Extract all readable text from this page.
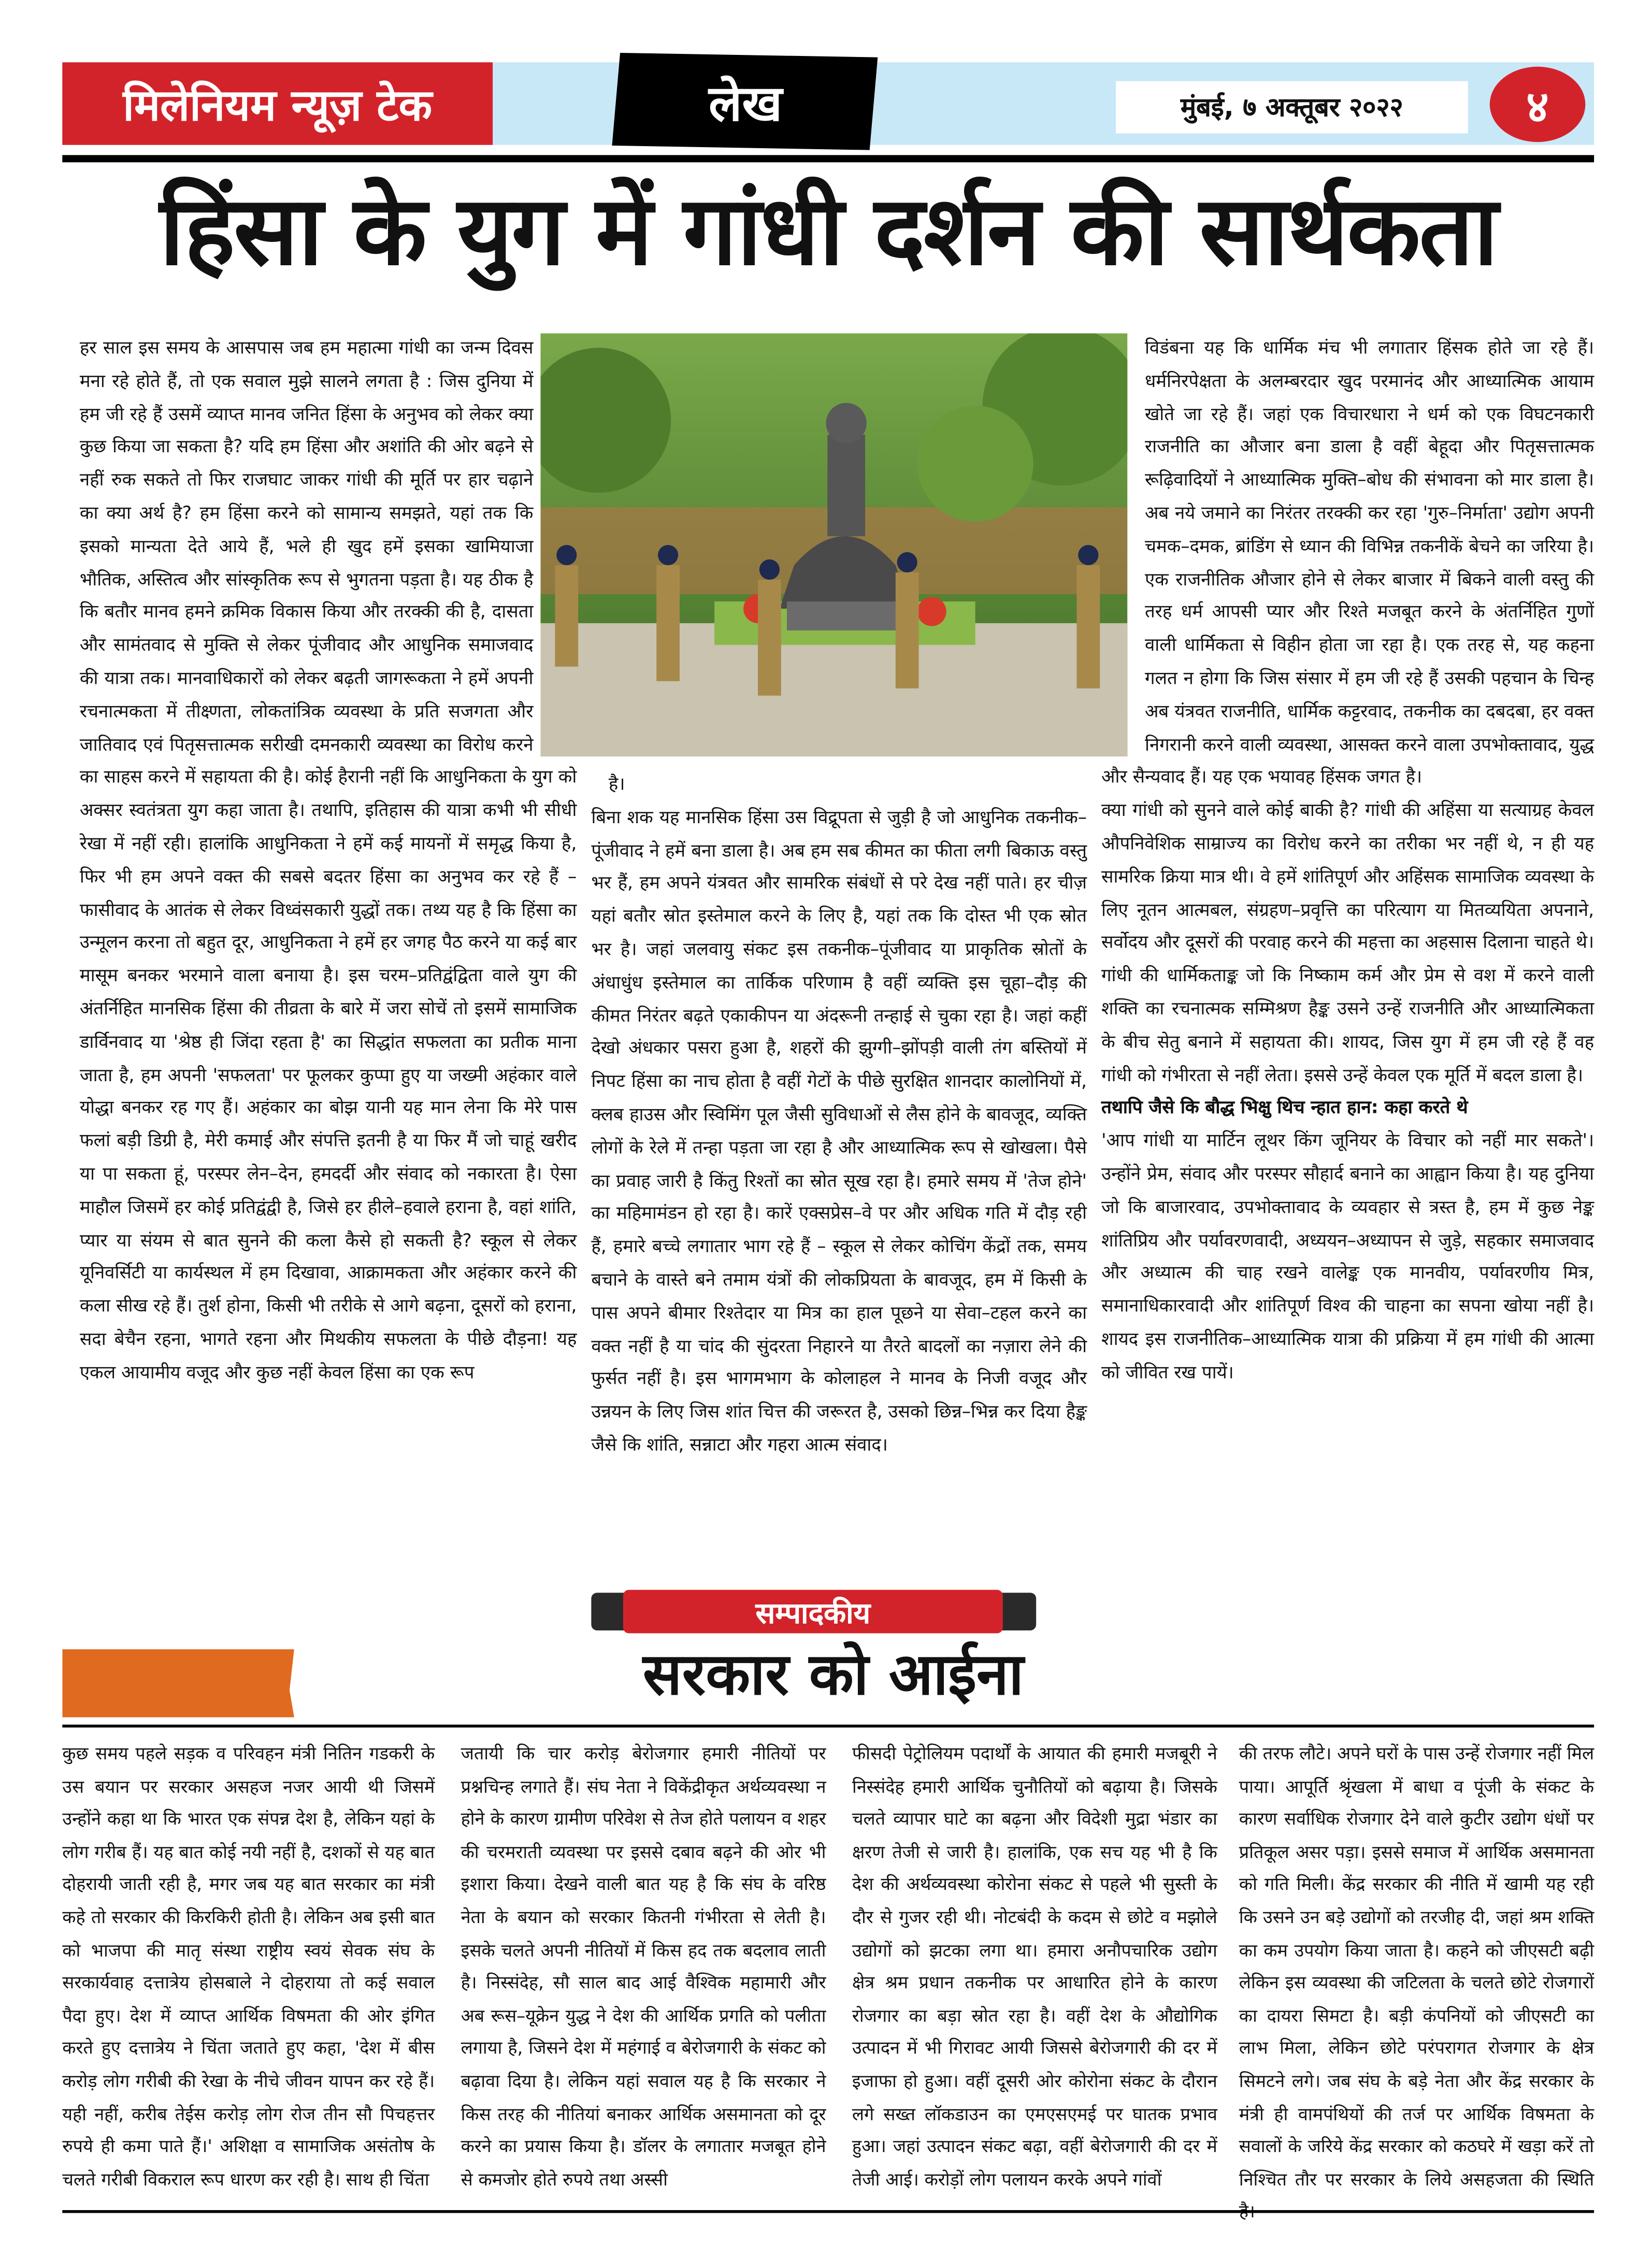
मिलेनियम न्यूज़ टेक	लेख	मुंबई, ७ अक्तूबर २०२२	४
हिंसा के युग में गांधी दर्शन की सार्थकता

हर साल इस समय के आसपास जब हम महात्मा गांधी का जन्म दिवस मना रहे होते हैं, तो एक सवाल मुझे सालने लगता है : जिस दुनिया में हम जी रहे हैं उसमें व्याप्त मानव जनित हिंसा के अनुभव को लेकर क्या कुछ किया जा सकता है? यदि हम हिंसा और अशांति की ओर बढ़ने से नहीं रुक सकते तो फिर राजघाट जाकर गांधी की मूर्ति पर हार चढ़ाने का क्या अर्थ है? हम हिंसा करने को सामान्य समझते, यहां तक कि इसको मान्यता देते आये हैं, भले ही खुद हमें इसका खामियाजा भौतिक, अस्तित्व और सांस्कृतिक रूप से भुगतना पड़ता है। यह ठीक है कि बतौर मानव हमने क्रमिक विकास किया और तरक्की की है, दासता और सामंतवाद से मुक्ति से लेकर पूंजीवाद और आधुनिक समाजवाद की यात्रा तक। मानवाधिकारों को लेकर बढ़ती जागरूकता ने हमें अपनी रचनात्मकता में तीक्ष्णता, लोकतांत्रिक व्यवस्था के प्रति सजगता और जातिवाद एवं पितृसत्तात्मक सरीखी दमनकारी व्यवस्था का विरोध करने का साहस करने में सहायता की है। कोई हैरानी नहीं कि आधुनिकता के युग को अक्सर स्वतंत्रता युग कहा जाता है। तथापि, इतिहास की यात्रा कभी भी सीधी रेखा में नहीं रही। हालांकि आधुनिकता ने हमें कई मायनों में समृद्ध किया है, फिर भी हम अपने वक्त की सबसे बदतर हिंसा का अनुभव कर रहे हैं – फासीवाद के आतंक से लेकर विध्वंसकारी युद्धों तक। तथ्य यह है कि हिंसा का उन्मूलन करना तो बहुत दूर, आधुनिकता ने हमें हर जगह पैठ करने या कई बार मासूम बनकर भरमाने वाला बनाया है। इस चरम–प्रतिद्वंद्विता वाले युग की अंतर्निहित मानसिक हिंसा की तीव्रता के बारे में जरा सोचें तो इसमें सामाजिक डार्विनवाद या 'श्रेष्ठ ही जिंदा रहता है' का सिद्धांत सफलता का प्रतीक माना जाता है, हम अपनी 'सफलता' पर फूलकर कुप्पा हुए या जख्मी अहंकार वाले योद्धा बनकर रह गए हैं। अहंकार का बोझ यानी यह मान लेना कि मेरे पास फलां बड़ी डिग्री है, मेरी कमाई और संपत्ति इतनी है या फिर मैं जो चाहूं खरीद या पा सकता हूं, परस्पर लेन–देन, हमदर्दी और संवाद को नकारता है। ऐसा माहौल जिसमें हर कोई प्रतिद्वंद्वी है, जिसे हर हीले–हवाले हराना है, वहां शांति, प्यार या संयम से बात सुनने की कला कैसे हो सकती है? स्कूल से लेकर यूनिवर्सिटी या कार्यस्थल में हम दिखावा, आक्रामकता और अहंकार करने की कला सीख रहे हैं। तुर्श होना, किसी भी तरीके से आगे बढ़ना, दूसरों को हराना, सदा बेचैन रहना, भागते रहना और मिथकीय सफलता के पीछे दौड़ना! यह एकल आयामीय वजूद और कुछ नहीं केवल हिंसा का एक रूप

है।

बिना शक यह मानसिक हिंसा उस विद्रूपता से जुड़ी है जो आधुनिक तकनीक–पूंजीवाद ने हमें बना डाला है। अब हम सब कीमत का फीता लगी बिकाऊ वस्तु भर हैं, हम अपने यंत्रवत और सामरिक संबंधों से परे देख नहीं पाते। हर चीज़ यहां बतौर स्रोत इस्तेमाल करने के लिए है, यहां तक कि दोस्त भी एक स्रोत भर है। जहां जलवायु संकट इस तकनीक–पूंजीवाद या प्राकृतिक स्रोतों के अंधाधुंध इस्तेमाल का तार्किक परिणाम है वहीं व्यक्ति इस चूहा–दौड़ की कीमत निरंतर बढ़ते एकाकीपन या अंदरूनी तन्हाई से चुका रहा है। जहां कहीं देखो अंधकार पसरा हुआ है, शहरों की झुग्गी–झोंपड़ी वाली तंग बस्तियों में निपट हिंसा का नाच होता है वहीं गेटों के पीछे सुरक्षित शानदार कालोनियों में, क्लब हाउस और स्विमिंग पूल जैसी सुविधाओं से लैस होने के बावजूद, व्यक्ति लोगों के रेले में तन्हा पड़ता जा रहा है और आध्यात्मिक रूप से खोखला। पैसे का प्रवाह जारी है किंतु रिश्तों का स्रोत सूख रहा है। हमारे समय में 'तेज होने' का महिमामंडन हो रहा है। कारें एक्सप्रेस–वे पर और अधिक गति में दौड़ रही हैं, हमारे बच्चे लगातार भाग रहे हैं – स्कूल से लेकर कोचिंग केंद्रों तक, समय बचाने के वास्ते बने तमाम यंत्रों की लोकप्रियता के बावजूद, हम में किसी के पास अपने बीमार रिश्तेदार या मित्र का हाल पूछने या सेवा–टहल करने का वक्त नहीं है या चांद की सुंदरता निहारने या तैरते बादलों का नज़ारा लेने की फुर्सत नहीं है। इस भागमभाग के कोलाहल ने मानव के निजी वजूद और उन्नयन के लिए जिस शांत चित्त की जरूरत है, उसको छिन्न–भिन्न कर दिया हैङ्क जैसे कि शांति, सन्नाटा और गहरा आत्म संवाद।

विडंबना यह कि धार्मिक मंच भी लगातार हिंसक होते जा रहे हैं। धर्मनिरपेक्षता के अलम्बरदार खुद परमानंद और आध्यात्मिक आयाम खोते जा रहे हैं। जहां एक विचारधारा ने धर्म को एक विघटनकारी राजनीति का औजार बना डाला है वहीं बेहूदा और पितृसत्तात्मक रूढ़िवादियों ने आध्यात्मिक मुक्ति–बोध की संभावना को मार डाला है। अब नये जमाने का निरंतर तरक्की कर रहा 'गुरु–निर्माता' उद्योग अपनी चमक–दमक, ब्रांडिंग से ध्यान की विभिन्न तकनीकें बेचने का जरिया है। एक राजनीतिक औजार होने से लेकर बाजार में बिकने वाली वस्तु की तरह धर्म आपसी प्यार और रिश्ते मजबूत करने के अंतर्निहित गुणों वाली धार्मिकता से विहीन होता जा रहा है। एक तरह से, यह कहना गलत न होगा कि जिस संसार में हम जी रहे हैं उसकी पहचान के चिन्ह अब यंत्रवत राजनीति, धार्मिक कट्टरवाद, तकनीक का दबदबा, हर वक्त निगरानी करने वाली व्यवस्था, आसक्त करने वाला उपभोक्तावाद, युद्ध और सैन्यवाद हैं। यह एक भयावह हिंसक जगत है।

क्या गांधी को सुनने वाले कोई बाकी है? गांधी की अहिंसा या सत्याग्रह केवल औपनिवेशिक साम्राज्य का विरोध करने का तरीका भर नहीं थे, न ही यह सामरिक क्रिया मात्र थी। वे हमें शांतिपूर्ण और अहिंसक सामाजिक व्यवस्था के लिए नूतन आत्मबल, संग्रहण–प्रवृत्ति का परित्याग या मितव्ययिता अपनाने, सर्वोदय और दूसरों की परवाह करने की महत्ता का अहसास दिलाना चाहते थे। गांधी की धार्मिकताङ्क जो कि निष्काम कर्म और प्रेम से वश में करने वाली शक्ति का रचनात्मक सम्मिश्रण हैङ्क उसने उन्हें राजनीति और आध्यात्मिकता के बीच सेतु बनाने में सहायता की। शायद, जिस युग में हम जी रहे हैं वह गांधी को गंभीरता से नहीं लेता। इससे उन्हें केवल एक मूर्ति में बदल डाला है।

तथापि जैसे कि बौद्ध भिक्षु थिच न्हात हान: कहा करते थे

'आप गांधी या मार्टिन लूथर किंग जूनियर के विचार को नहीं मार सकते'। उन्होंने प्रेम, संवाद और परस्पर सौहार्द बनाने का आह्वान किया है। यह दुनिया जो कि बाजारवाद, उपभोक्तावाद के व्यवहार से त्रस्त है, हम में कुछ नेङ्क शांतिप्रिय और पर्यावरणवादी, अध्ययन–अध्यापन से जुड़े, सहकार समाजवाद और अध्यात्म की चाह रखने वालेङ्क एक मानवीय, पर्यावरणीय मित्र, समानाधिकारवादी और शांतिपूर्ण विश्व की चाहना का सपना खोया नहीं है। शायद इस राजनीतिक–आध्यात्मिक यात्रा की प्रक्रिया में हम गांधी की आत्मा को जीवित रख पायें।

सम्पादकीय
सरकार को आईना
कुछ समय पहले सड़क व परिवहन मंत्री नितिन गडकरी के उस बयान पर सरकार असहज नजर आयी थी जिसमें उन्होंने कहा था कि भारत एक संपन्न देश है, लेकिन यहां के लोग गरीब हैं। यह बात कोई नयी नहीं है, दशकों से यह बात दोहरायी जाती रही है, मगर जब यह बात सरकार का मंत्री कहे तो सरकार की किरकिरी होती है। लेकिन अब इसी बात को भाजपा की मातृ संस्था राष्ट्रीय स्वयं सेवक संघ के सरकार्यवाह दत्तात्रेय होसबाले ने दोहराया तो कई सवाल पैदा हुए। देश में व्याप्त आर्थिक विषमता की ओर इंगित करते हुए दत्तात्रेय ने चिंता जताते हुए कहा, 'देश में बीस करोड़ लोग गरीबी की रेखा के नीचे जीवन यापन कर रहे हैं। यही नहीं, करीब तेईस करोड़ लोग रोज तीन सौ पिचहत्तर रुपये ही कमा पाते हैं।' अशिक्षा व सामाजिक असंतोष के चलते गरीबी विकराल रूप धारण कर रही है। साथ ही चिंता
जतायी कि चार करोड़ बेरोजगार हमारी नीतियों पर प्रश्नचिन्ह लगाते हैं। संघ नेता ने विकेंद्रीकृत अर्थव्यवस्था न होने के कारण ग्रामीण परिवेश से तेज होते पलायन व शहर की चरमराती व्यवस्था पर इससे दबाव बढ़ने की ओर भी इशारा किया। देखने वाली बात यह है कि संघ के वरिष्ठ नेता के बयान को सरकार कितनी गंभीरता से लेती है। इसके चलते अपनी नीतियों में किस हद तक बदलाव लाती है। निस्संदेह, सौ साल बाद आई वैश्विक महामारी और अब रूस–यूक्रेन युद्ध ने देश की आर्थिक प्रगति को पलीता लगाया है, जिसने देश में महंगाई व बेरोजगारी के संकट को बढ़ावा दिया है। लेकिन यहां सवाल यह है कि सरकार ने किस तरह की नीतियां बनाकर आर्थिक असमानता को दूर करने का प्रयास किया है। डॉलर के लगातार मजबूत होने से कमजोर होते रुपये तथा अस्सी
फीसदी पेट्रोलियम पदार्थों के आयात की हमारी मजबूरी ने निस्संदेह हमारी आर्थिक चुनौतियों को बढ़ाया है। जिसके चलते व्यापार घाटे का बढ़ना और विदेशी मुद्रा भंडार का क्षरण तेजी से जारी है। हालांकि, एक सच यह भी है कि देश की अर्थव्यवस्था कोरोना संकट से पहले भी सुस्ती के दौर से गुजर रही थी। नोटबंदी के कदम से छोटे व मझोले उद्योगों को झटका लगा था। हमारा अनौपचारिक उद्योग क्षेत्र श्रम प्रधान तकनीक पर आधारित होने के कारण रोजगार का बड़ा स्रोत रहा है। वहीं देश के औद्योगिक उत्पादन में भी गिरावट आयी जिससे बेरोजगारी की दर में इजाफा हो हुआ। वहीं दूसरी ओर कोरोना संकट के दौरान लगे सख्त लॉकडाउन का एमएसएमई पर घातक प्रभाव हुआ। जहां उत्पादन संकट बढ़ा, वहीं बेरोजगारी की दर में तेजी आई। करोड़ों लोग पलायन करके अपने गांवों
की तरफ लौटे। अपने घरों के पास उन्हें रोजगार नहीं मिल पाया। आपूर्ति श्रृंखला में बाधा व पूंजी के संकट के कारण सर्वाधिक रोजगार देने वाले कुटीर उद्योग धंधों पर प्रतिकूल असर पड़ा। इससे समाज में आर्थिक असमानता को गति मिली। केंद्र सरकार की नीति में खामी यह रही कि उसने उन बड़े उद्योगों को तरजीह दी, जहां श्रम शक्ति का कम उपयोग किया जाता है। कहने को जीएसटी बढ़ी लेकिन इस व्यवस्था की जटिलता के चलते छोटे रोजगारों का दायरा सिमटा है। बड़ी कंपनियों को जीएसटी का लाभ मिला, लेकिन छोटे परंपरागत रोजगार के क्षेत्र सिमटने लगे। जब संघ के बड़े नेता और केंद्र सरकार के मंत्री ही वामपंथियों की तर्ज पर आर्थिक विषमता के सवालों के जरिये केंद्र सरकार को कठघरे में खड़ा करें तो निश्चित तौर पर सरकार के लिये असहजता की स्थिति
